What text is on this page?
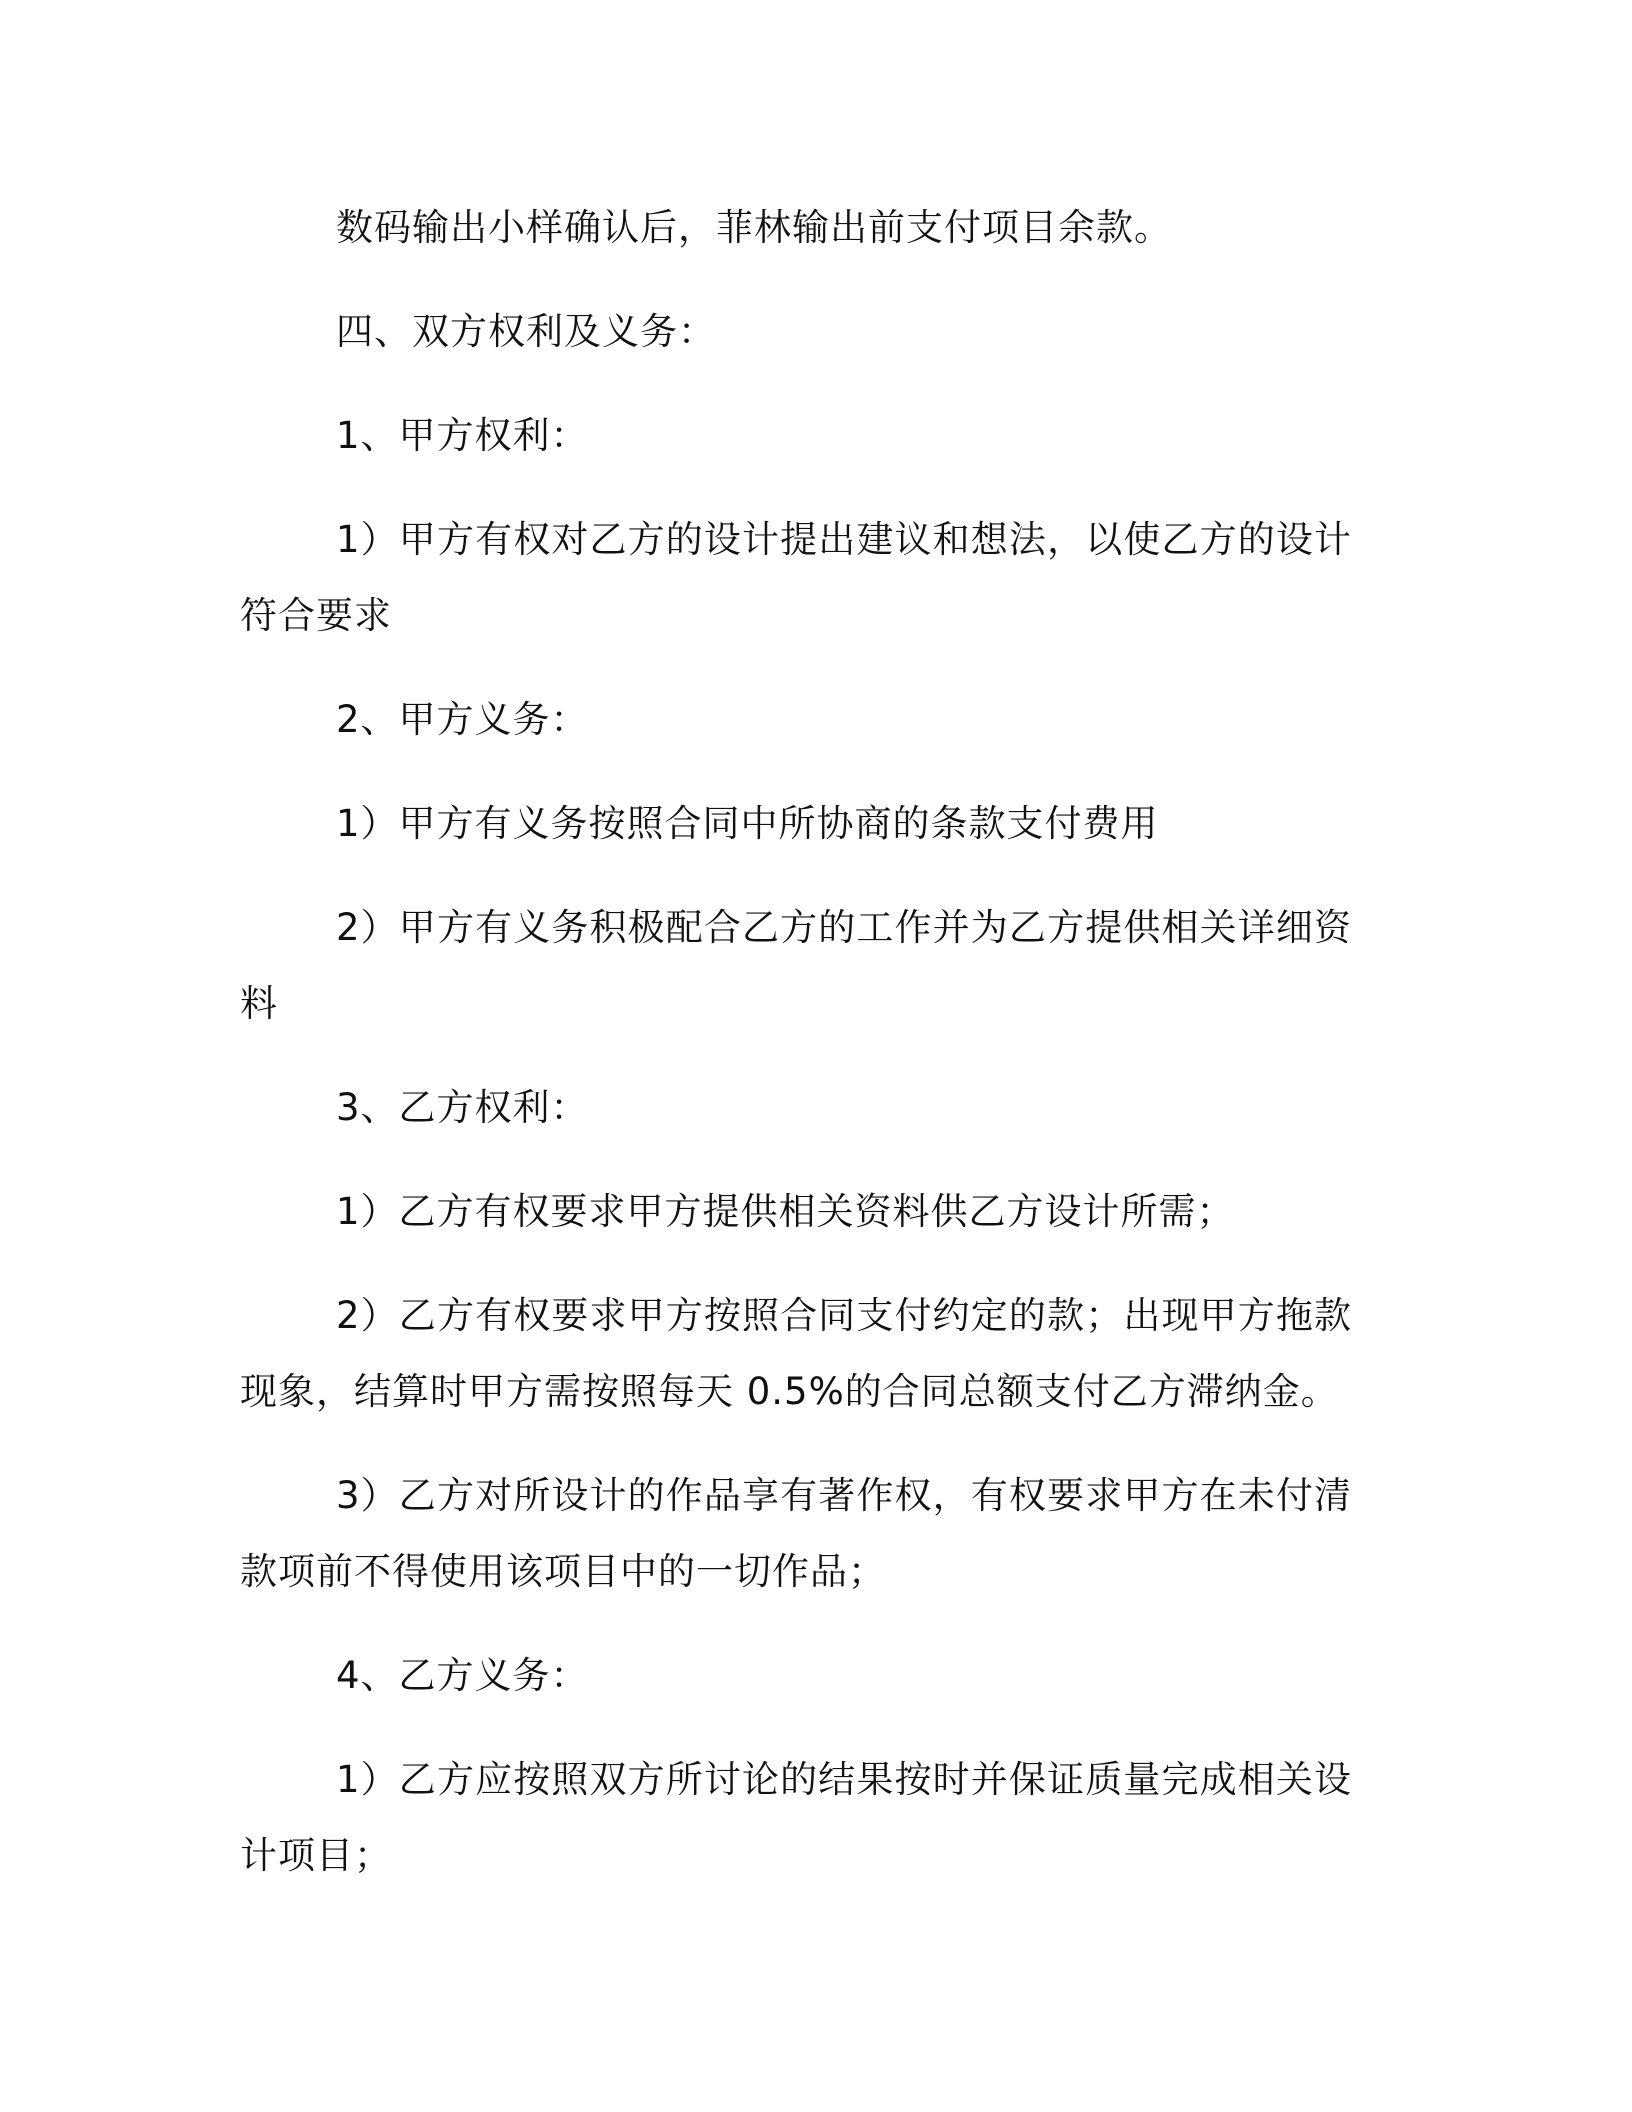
数码输出小样确认后，菲林输出前支付项目余款。

四、双方权利及义务：

1、甲方权利：

1）甲方有权对乙方的设计提出建议和想法，以使乙方的设计符合要求

2、甲方义务：

1）甲方有义务按照合同中所协商的条款支付费用

2）甲方有义务积极配合乙方的工作并为乙方提供相关详细资料

3、乙方权利：

1）乙方有权要求甲方提供相关资料供乙方设计所需；

2）乙方有权要求甲方按照合同支付约定的款；出现甲方拖款现象，结算时甲方需按照每天 0.5%的合同总额支付乙方滞纳金。

3）乙方对所设计的作品享有著作权，有权要求甲方在未付清款项前不得使用该项目中的一切作品；

4、乙方义务：

1）乙方应按照双方所讨论的结果按时并保证质量完成相关设计项目；
